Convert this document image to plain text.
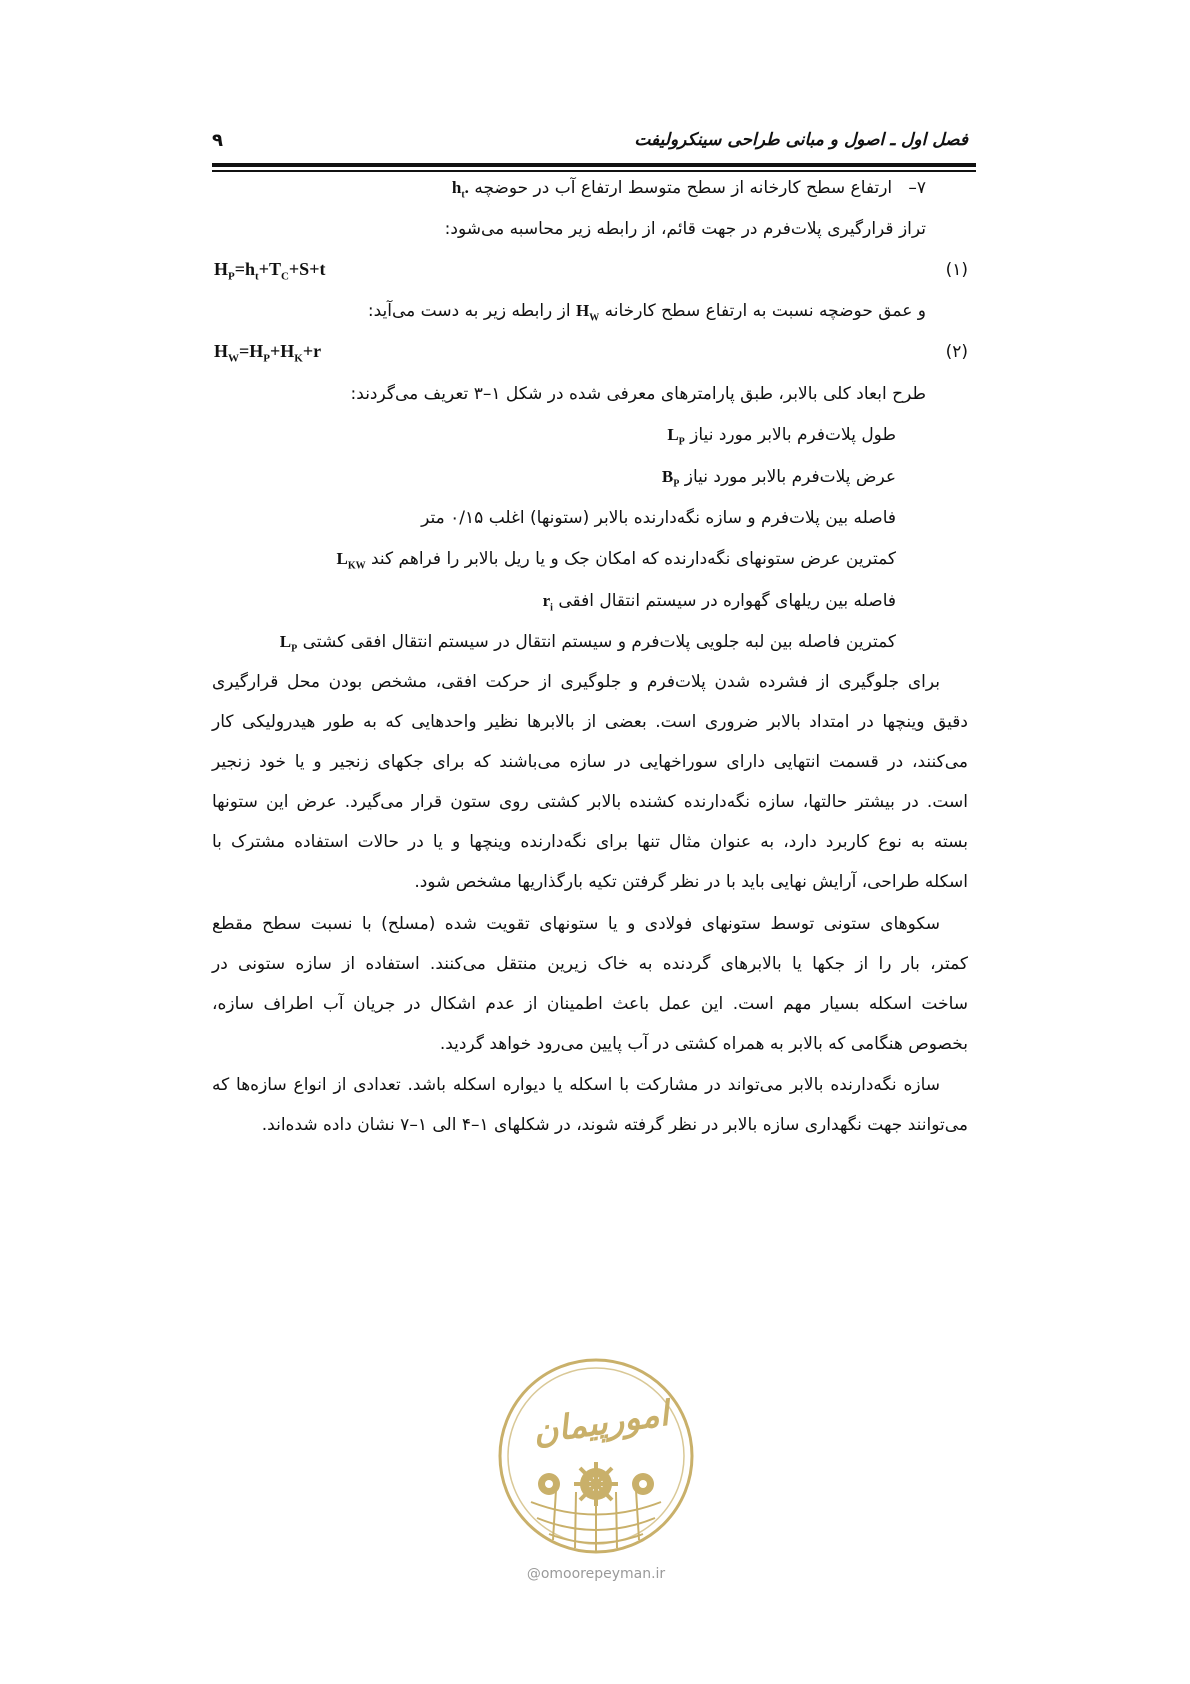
فصل اول ـ اصول و مبانی طراحی سینکرولیفت
۹
۷–   ارتفاع سطح کارخانه از سطح متوسط ارتفاع آب در حوضچه $h_t$.
تراز قرارگیری پلات‌فرم در جهت قائم، از رابطه زیر محاسبه می‌شود:
(۱)
$H_P=h_t+T_C+S+t$
و عمق حوضچه نسبت به ارتفاع سطح کارخانه $H_W$ از رابطه زیر به دست می‌آید:
(۲)
$H_W=H_P+H_K+r$
طرح ابعاد کلی بالابر، طبق پارامترهای معرفی شده در شکل ۱–۳ تعریف می‌گردند:
طول پلات‌فرم بالابر مورد نیاز $L_P$
عرض پلات‌فرم بالابر مورد نیاز $B_P$
فاصله بین پلات‌فرم و سازه نگه‌دارنده بالابر (ستونها) اغلب ۰/۱۵ متر
کمترین عرض ستونهای نگه‌دارنده که امکان جک و یا ریل بالابر را فراهم کند $L_{KW}$
فاصله بین ریلهای گهواره در سیستم انتقال افقی $r_i$
کمترین فاصله بین لبه جلویی پلات‌فرم و سیستم انتقال در سیستم انتقال افقی کشتی $L_P$
برای جلوگیری از فشرده شدن پلات‌فرم و جلوگیری از حرکت افقی، مشخص بودن محل قرارگیری
دقیق وینچها در امتداد بالابر ضروری است. بعضی از بالابرها نظیر واحدهایی که به طور هیدرولیکی کار
می‌کنند، در قسمت انتهایی دارای سوراخهایی در سازه می‌باشند که برای جکهای زنجیر و یا خود زنجیر
است. در بیشتر حالتها، سازه نگه‌دارنده کشنده بالابر کشتی روی ستون قرار می‌گیرد. عرض این ستونها
بسته به نوع کاربرد دارد، به عنوان مثال تنها برای نگه‌دارنده وینچها و یا در حالات استفاده مشترک با
اسکله طراحی، آرایش نهایی باید با در نظر گرفتن تکیه بارگذاریها مشخص شود.
سکوهای ستونی توسط ستونهای فولادی و یا ستونهای تقویت شده (مسلح) با نسبت سطح مقطع
کمتر، بار را از جکها یا بالابرهای گردنده به خاک زیرین منتقل می‌کنند. استفاده از سازه ستونی در
ساخت اسکله بسیار مهم است. این عمل باعث اطمینان از عدم اشکال در جریان آب اطراف سازه،
بخصوص هنگامی که بالابر به همراه کشتی در آب پایین می‌رود خواهد گردید.
سازه نگه‌دارنده بالابر می‌تواند در مشارکت با اسکله یا دیواره اسکله باشد. تعدادی از انواع سازه‌ها که
می‌توانند جهت نگهداری سازه بالابر در نظر گرفته شوند، در شکلهای ۱–۴ الی ۱–۷ نشان داده شده‌اند.
امورپیمان
@omoorepeyman.ir
